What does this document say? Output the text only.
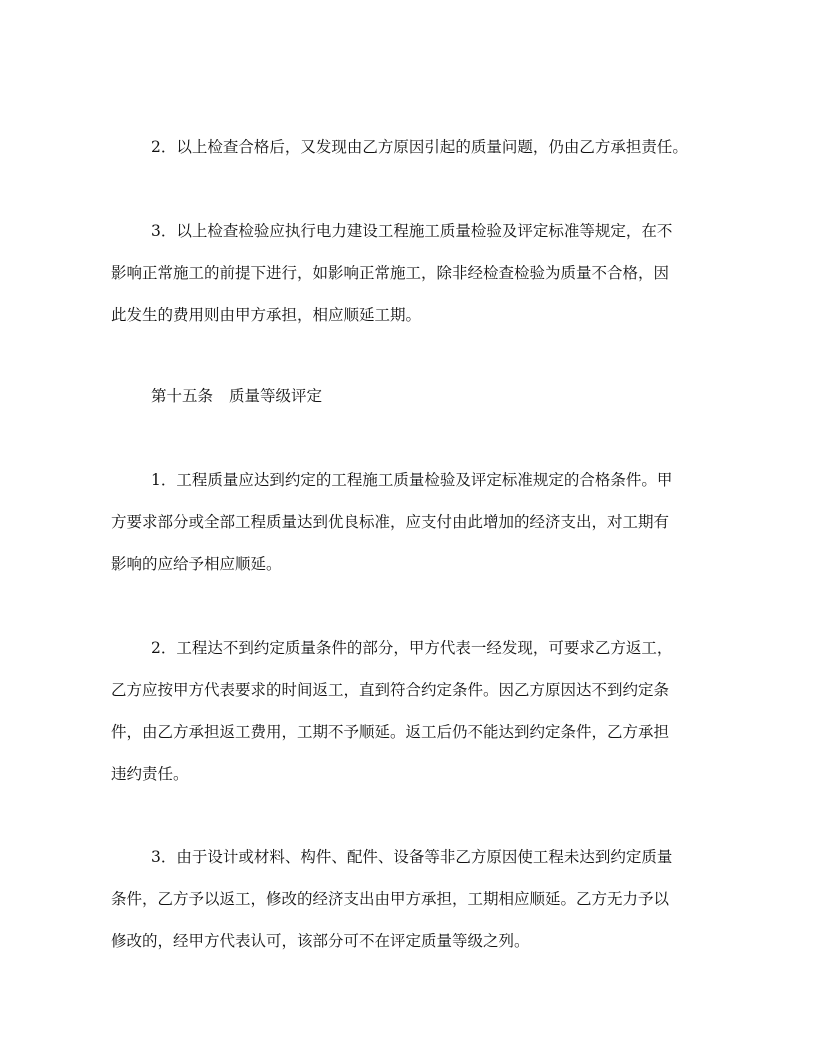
2．以上检查合格后，又发现由乙方原因引起的质量问题，仍由乙方承担责任。

3．以上检查检验应执行电力建设工程施工质量检验及评定标准等规定，在不
影响正常施工的前提下进行，如影响正常施工，除非经检查检验为质量不合格，因
此发生的费用则由甲方承担，相应顺延工期。

第十五条 质量等级评定

1．工程质量应达到约定的工程施工质量检验及评定标准规定的合格条件。甲
方要求部分或全部工程质量达到优良标准，应支付由此增加的经济支出，对工期有
影响的应给予相应顺延。

2．工程达不到约定质量条件的部分，甲方代表一经发现，可要求乙方返工，
乙方应按甲方代表要求的时间返工，直到符合约定条件。因乙方原因达不到约定条
件，由乙方承担返工费用，工期不予顺延。返工后仍不能达到约定条件，乙方承担
违约责任。

3．由于设计或材料、构件、配件、设备等非乙方原因使工程未达到约定质量
条件，乙方予以返工，修改的经济支出由甲方承担，工期相应顺延。乙方无力予以
修改的，经甲方代表认可，该部分可不在评定质量等级之列。
